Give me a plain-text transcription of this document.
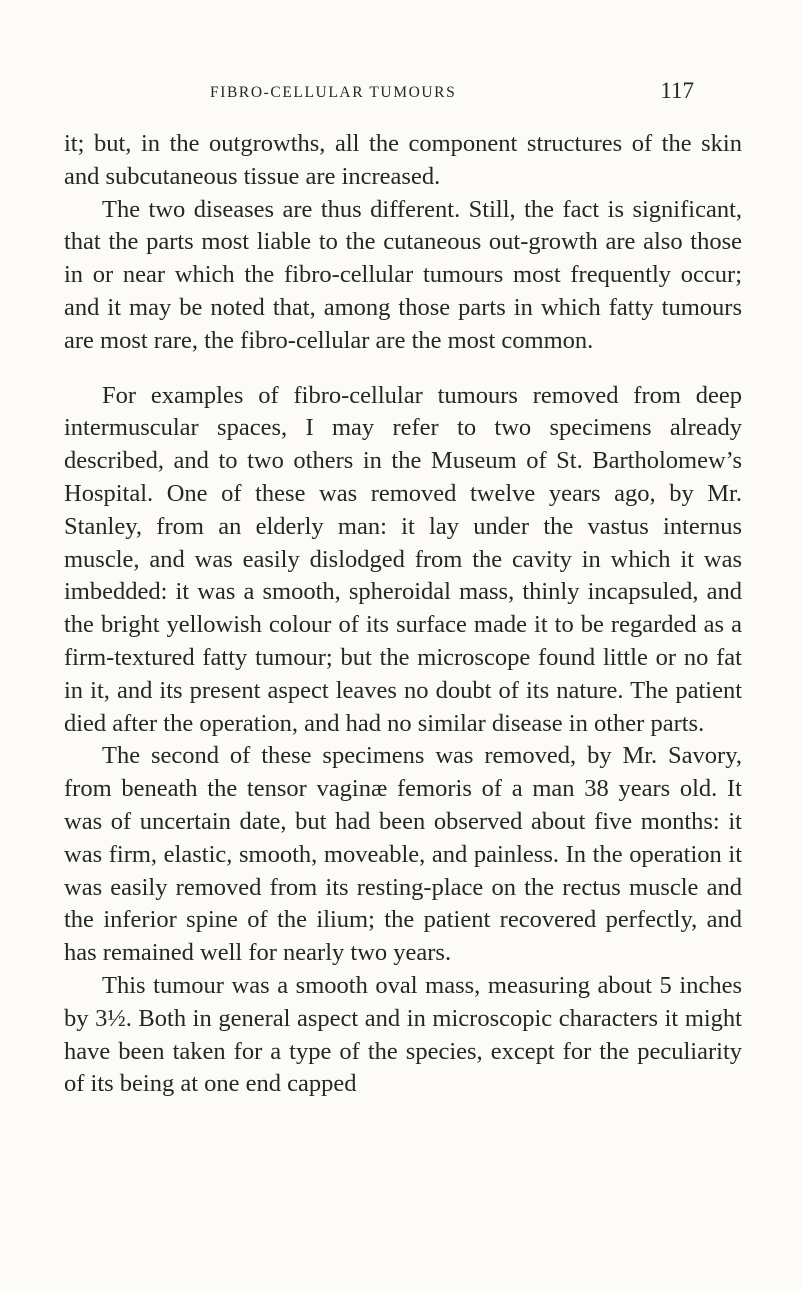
FIBRO-CELLULAR TUMOURS	117

it; but, in the outgrowths, all the component structures of the skin and subcutaneous tissue are increased.

The two diseases are thus different. Still, the fact is significant, that the parts most liable to the cutaneous out-growth are also those in or near which the fibro-cellular tumours most frequently occur; and it may be noted that, among those parts in which fatty tumours are most rare, the fibro-cellular are the most common.

For examples of fibro-cellular tumours removed from deep intermuscular spaces, I may refer to two specimens already described, and to two others in the Museum of St. Bartholomew’s Hospital. One of these was removed twelve years ago, by Mr. Stanley, from an elderly man: it lay under the vastus internus muscle, and was easily dislodged from the cavity in which it was imbedded: it was a smooth, spheroidal mass, thinly incapsuled, and the bright yellowish colour of its surface made it to be regarded as a firm-textured fatty tumour; but the microscope found little or no fat in it, and its present aspect leaves no doubt of its nature. The patient died after the operation, and had no similar disease in other parts.

The second of these specimens was removed, by Mr. Savory, from beneath the tensor vaginæ femoris of a man 38 years old. It was of uncertain date, but had been observed about five months: it was firm, elastic, smooth, moveable, and painless. In the operation it was easily removed from its resting-place on the rectus muscle and the inferior spine of the ilium; the patient recovered perfectly, and has remained well for nearly two years.

This tumour was a smooth oval mass, measuring about 5 inches by 3½. Both in general aspect and in microscopic characters it might have been taken for a type of the species, except for the peculiarity of its being at one end capped
